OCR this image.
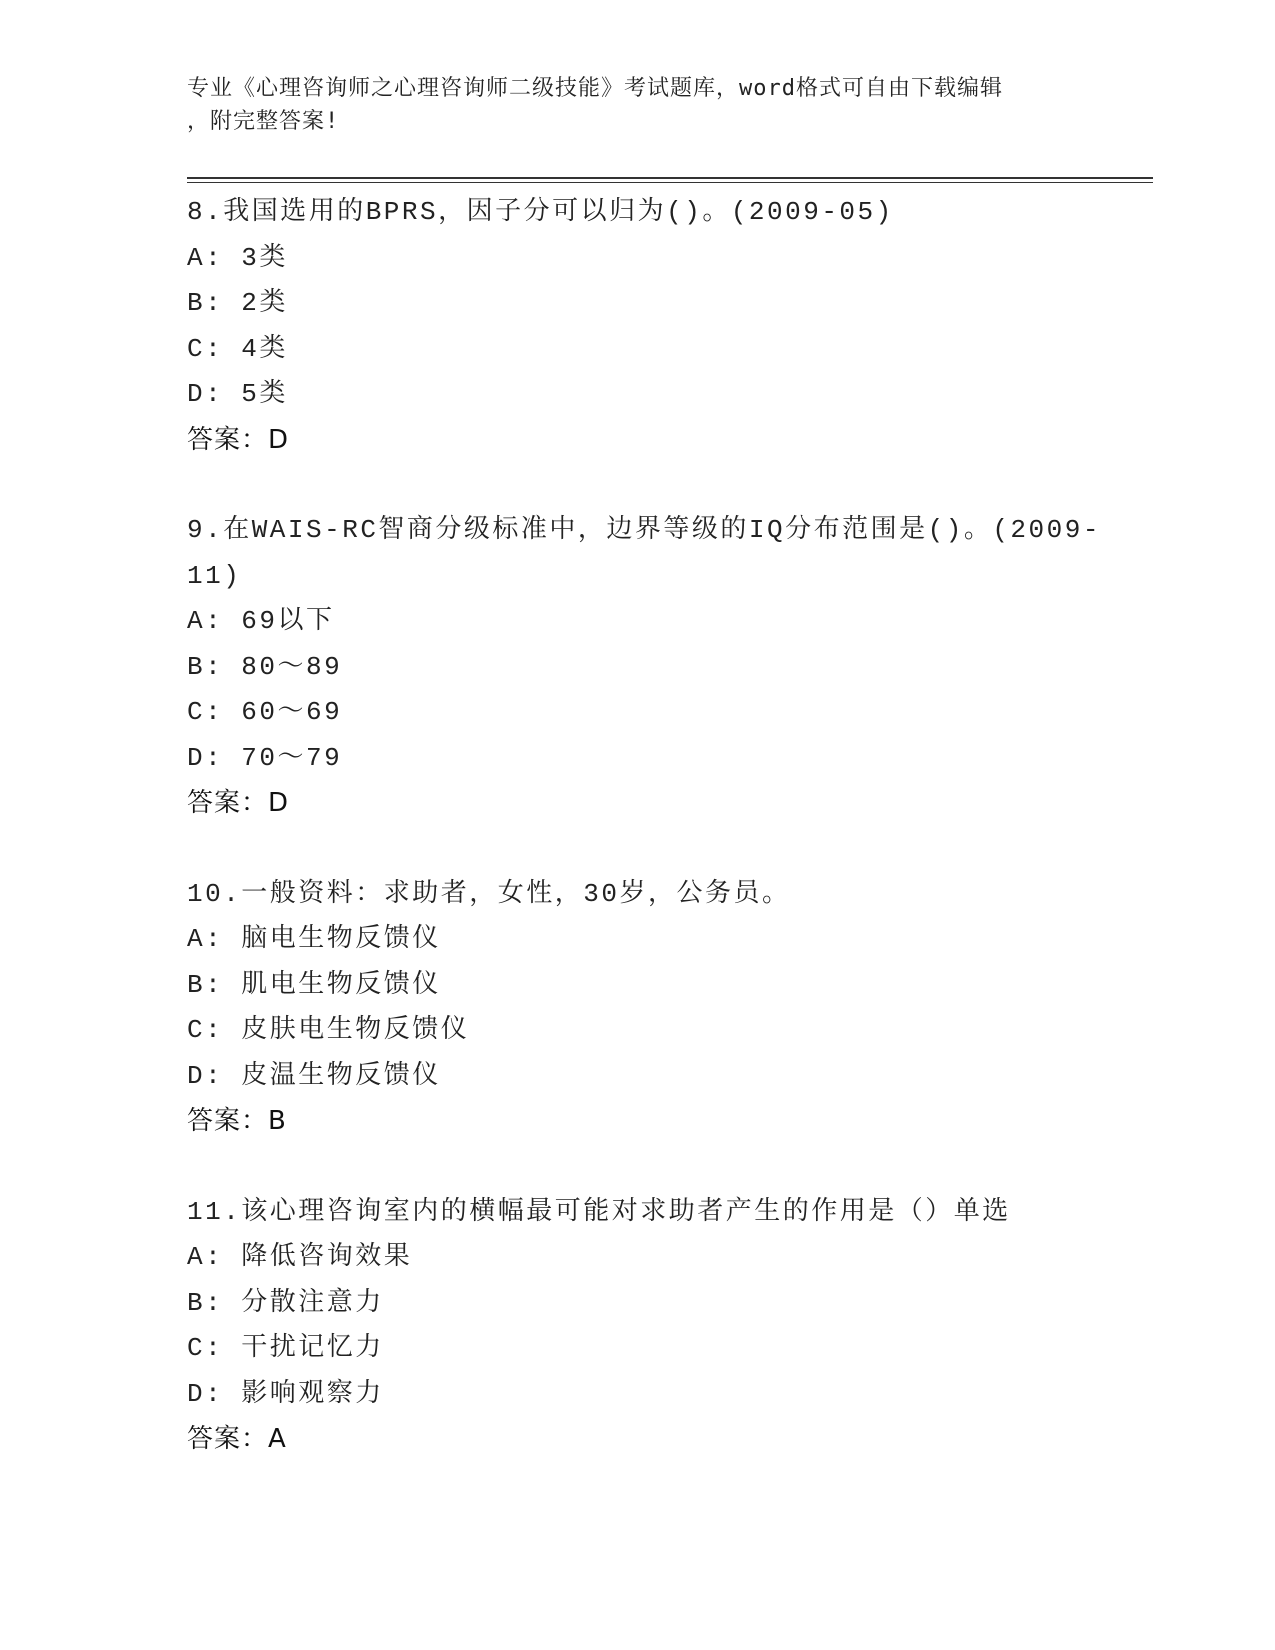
专业《心理咨询师之心理咨询师二级技能》考试题库，word格式可自由下载编辑
，附完整答案!
8.我国选用的BPRS，因子分可以归为()。(2009-05)
A: 3类
B: 2类
C: 4类
D: 5类
答案：D
9.在WAIS-RC智商分级标准中，边界等级的IQ分布范围是()。(2009-
11)
A: 69以下
B: 80～89
C: 60～69
D: 70～79
答案：D
10.一般资料：求助者，女性，30岁，公务员。
A: 脑电生物反馈仪
B: 肌电生物反馈仪
C: 皮肤电生物反馈仪
D: 皮温生物反馈仪
答案：B
11.该心理咨询室内的横幅最可能对求助者产生的作用是（）单选
A: 降低咨询效果
B: 分散注意力
C: 干扰记忆力
D: 影响观察力
答案：A
